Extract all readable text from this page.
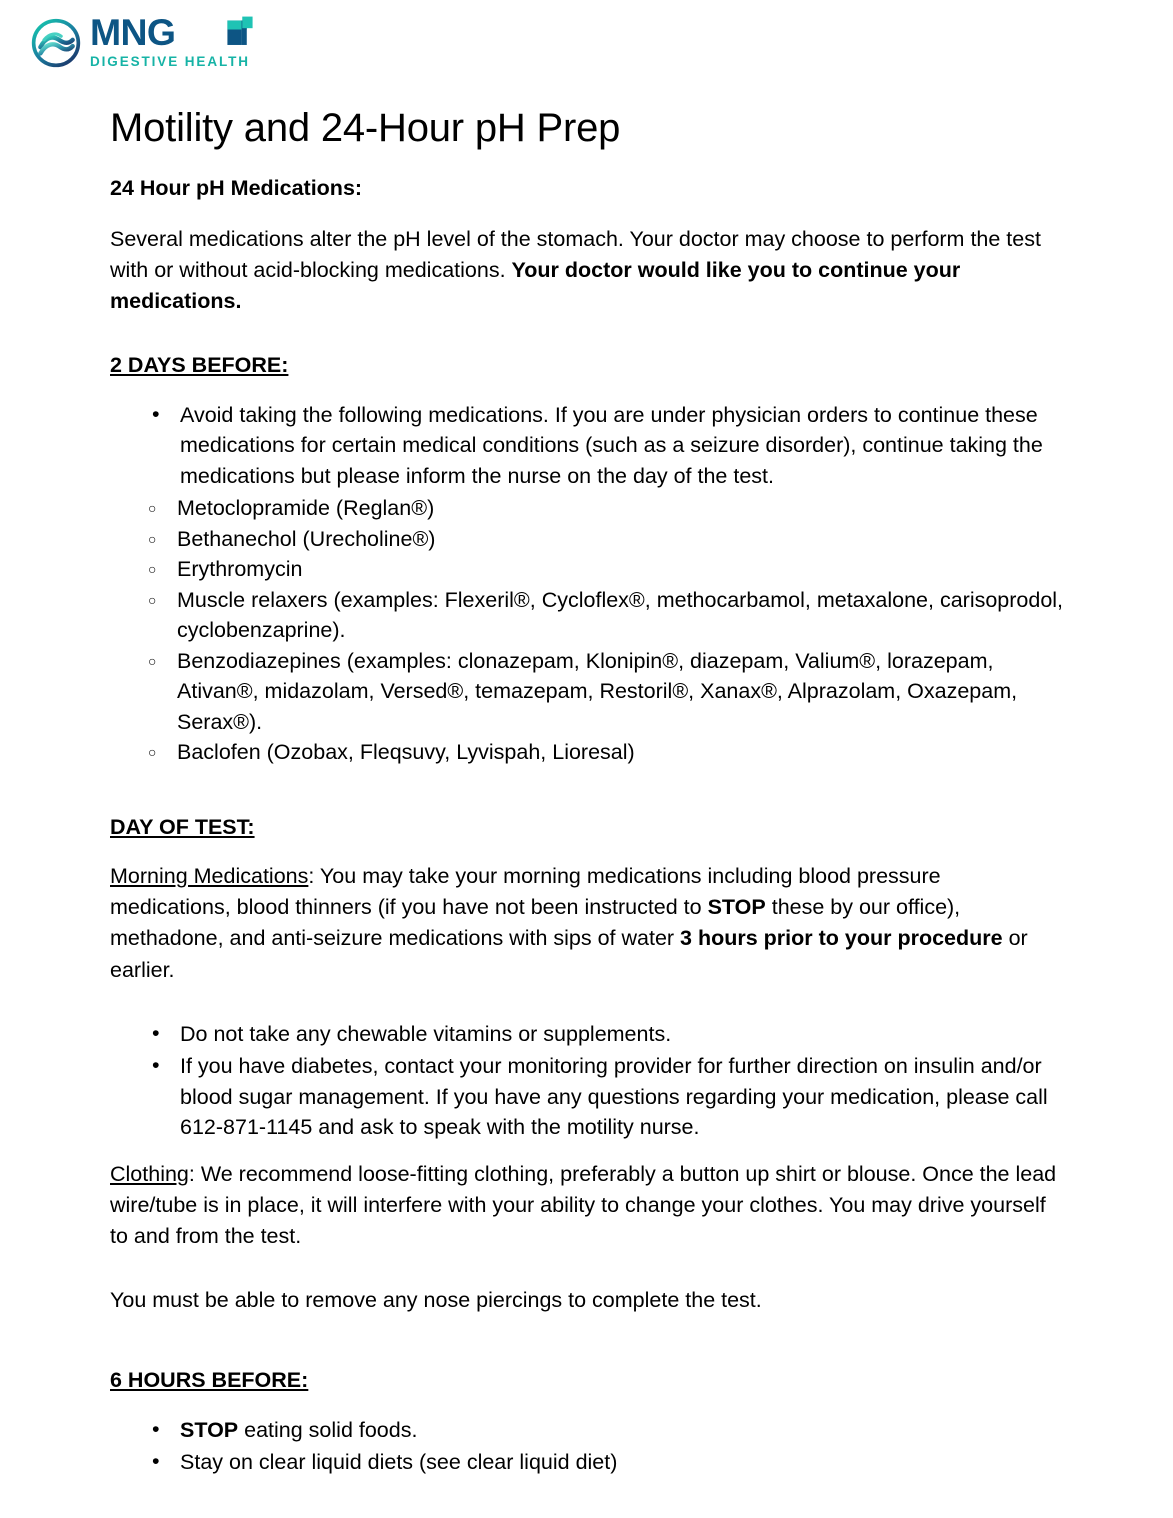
MNG
DIGESTIVE HEALTH
Motility and 24-Hour pH Prep

24 Hour pH Medications:

Several medications alter the pH level of the stomach. Your doctor may choose to perform the test with or without acid-blocking medications. Your doctor would like you to continue your medications.

2 DAYS BEFORE:

• Avoid taking the following medications. If you are under physician orders to continue these medications for certain medical conditions (such as a seizure disorder), continue taking the medications but please inform the nurse on the day of the test.
○ Metoclopramide (Reglan®)
○ Bethanechol (Urecholine®)
○ Erythromycin
○ Muscle relaxers (examples: Flexeril®, Cycloflex®, methocarbamol, metaxalone, carisoprodol, cyclobenzaprine).
○ Benzodiazepines (examples: clonazepam, Klonipin®, diazepam, Valium®, lorazepam, Ativan®, midazolam, Versed®, temazepam, Restoril®, Xanax®, Alprazolam, Oxazepam, Serax®).
○ Baclofen (Ozobax, Fleqsuvy, Lyvispah, Lioresal)

DAY OF TEST:

Morning Medications: You may take your morning medications including blood pressure medications, blood thinners (if you have not been instructed to STOP these by our office), methadone, and anti-seizure medications with sips of water 3 hours prior to your procedure or earlier.

• Do not take any chewable vitamins or supplements.
• If you have diabetes, contact your monitoring provider for further direction on insulin and/or blood sugar management. If you have any questions regarding your medication, please call 612-871-1145 and ask to speak with the motility nurse.

Clothing: We recommend loose-fitting clothing, preferably a button up shirt or blouse. Once the lead wire/tube is in place, it will interfere with your ability to change your clothes. You may drive yourself to and from the test.

You must be able to remove any nose piercings to complete the test.

6 HOURS BEFORE:

• STOP eating solid foods.
• Stay on clear liquid diets (see clear liquid diet)
